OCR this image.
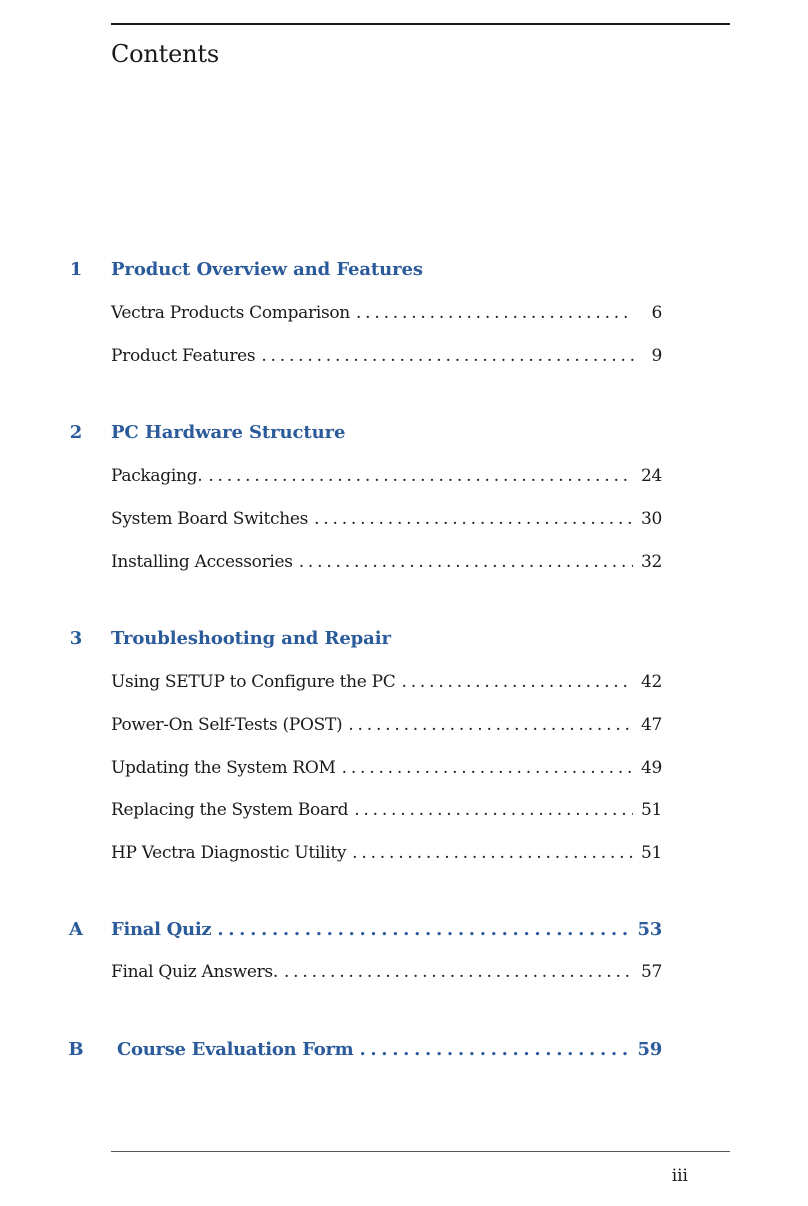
Contents
1	Product Overview and Features
Vectra Products Comparison . . .	6
Product Features . . .	9
2	PC Hardware Structure
Packaging. . . .	24
System Board Switches . . .	30
Installing Accessories . . .	32
3	Troubleshooting and Repair
Using SETUP to Configure the PC . . .	42
Power-On Self-Tests (POST) . . .	47
Updating the System ROM . . .	49
Replacing the System Board . . .	51
HP Vectra Diagnostic Utility . . .	51
A	Final Quiz . . .	53
Final Quiz Answers. . . .	57
B	Course Evaluation Form . . .	59
iii
